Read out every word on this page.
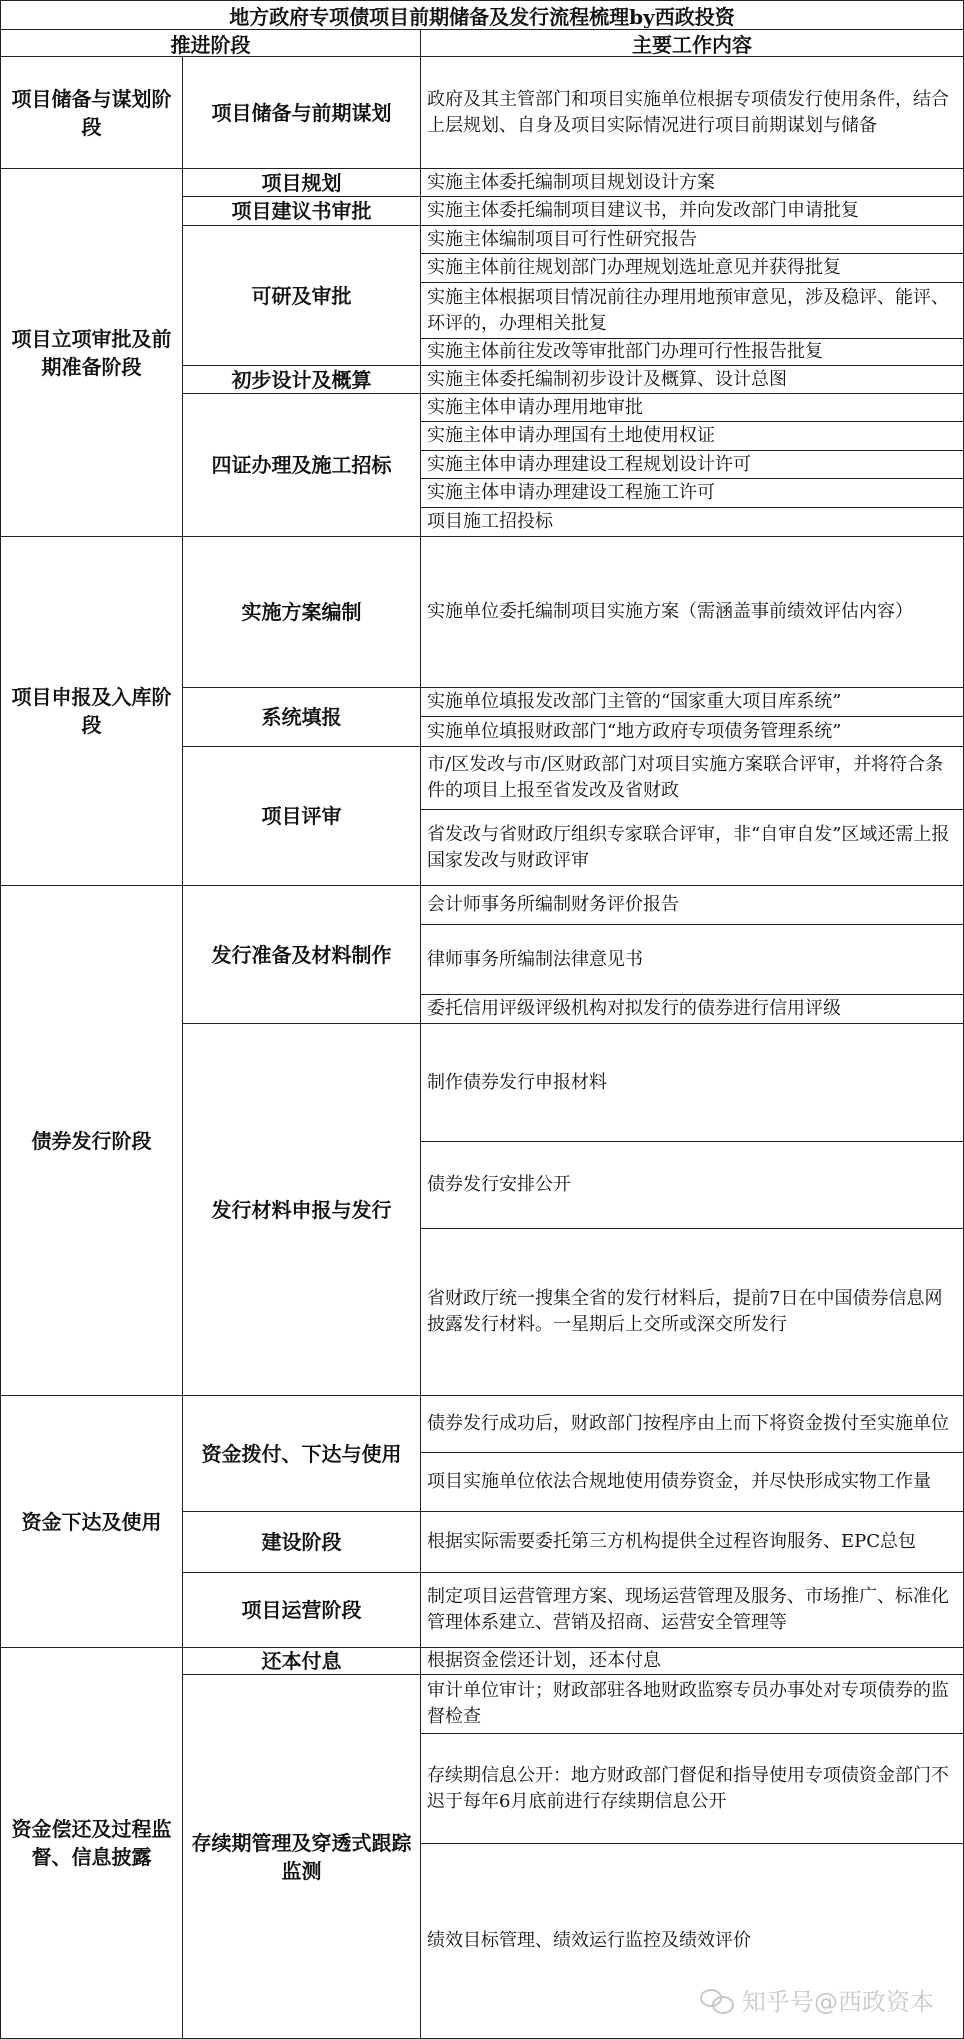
地方政府专项债项目前期储备及发行流程梳理by西政投资
推进阶段	主要工作内容
项目储备与谋划阶段
项目立项审批及前期准备阶段
项目申报及入库阶段
债券发行阶段
资金下达及使用
资金偿还及过程监督、信息披露
项目储备与前期谋划
项目规划
项目建议书审批
可研及审批
初步设计及概算
四证办理及施工招标
实施方案编制
系统填报
项目评审
发行准备及材料制作
发行材料申报与发行
资金拨付、下达与使用
建设阶段
项目运营阶段
还本付息
存续期管理及穿透式跟踪监测
政府及其主管部门和项目实施单位根据专项债发行使用条件，结合上层规划、自身及项目实际情况进行项目前期谋划与储备
实施主体委托编制项目规划设计方案
实施主体委托编制项目建议书，并向发改部门申请批复
实施主体编制项目可行性研究报告
实施主体前往规划部门办理规划选址意见并获得批复
实施主体根据项目情况前往办理用地预审意见，涉及稳评、能评、环评的，办理相关批复
实施主体前往发改等审批部门办理可行性报告批复
实施主体委托编制初步设计及概算、设计总图
实施主体申请办理用地审批
实施主体申请办理国有土地使用权证
实施主体申请办理建设工程规划设计许可
实施主体申请办理建设工程施工许可
项目施工招投标
实施单位委托编制项目实施方案（需涵盖事前绩效评估内容）
实施单位填报发改部门主管的“国家重大项目库系统”
实施单位填报财政部门“地方政府专项债务管理系统”
市/区发改与市/区财政部门对项目实施方案联合评审，并将符合条件的项目上报至省发改及省财政
省发改与省财政厅组织专家联合评审，非“自审自发”区域还需上报国家发改与财政评审
会计师事务所编制财务评价报告
律师事务所编制法律意见书
委托信用评级评级机构对拟发行的债券进行信用评级
制作债券发行申报材料
债券发行安排公开
省财政厅统一搜集全省的发行材料后，提前7日在中国债券信息网披露发行材料。一星期后上交所或深交所发行
债券发行成功后，财政部门按程序由上而下将资金拨付至实施单位
项目实施单位依法合规地使用债券资金，并尽快形成实物工作量
根据实际需要委托第三方机构提供全过程咨询服务、EPC总包
制定项目运营管理方案、现场运营管理及服务、市场推广、标准化管理体系建立、营销及招商、运营安全管理等
根据资金偿还计划，还本付息
审计单位审计；财政部驻各地财政监察专员办事处对专项债券的监督检查
存续期信息公开：地方财政部门督促和指导使用专项债资金部门不迟于每年6月底前进行存续期信息公开
绩效目标管理、绩效运行监控及绩效评价
知乎号@西政资本
